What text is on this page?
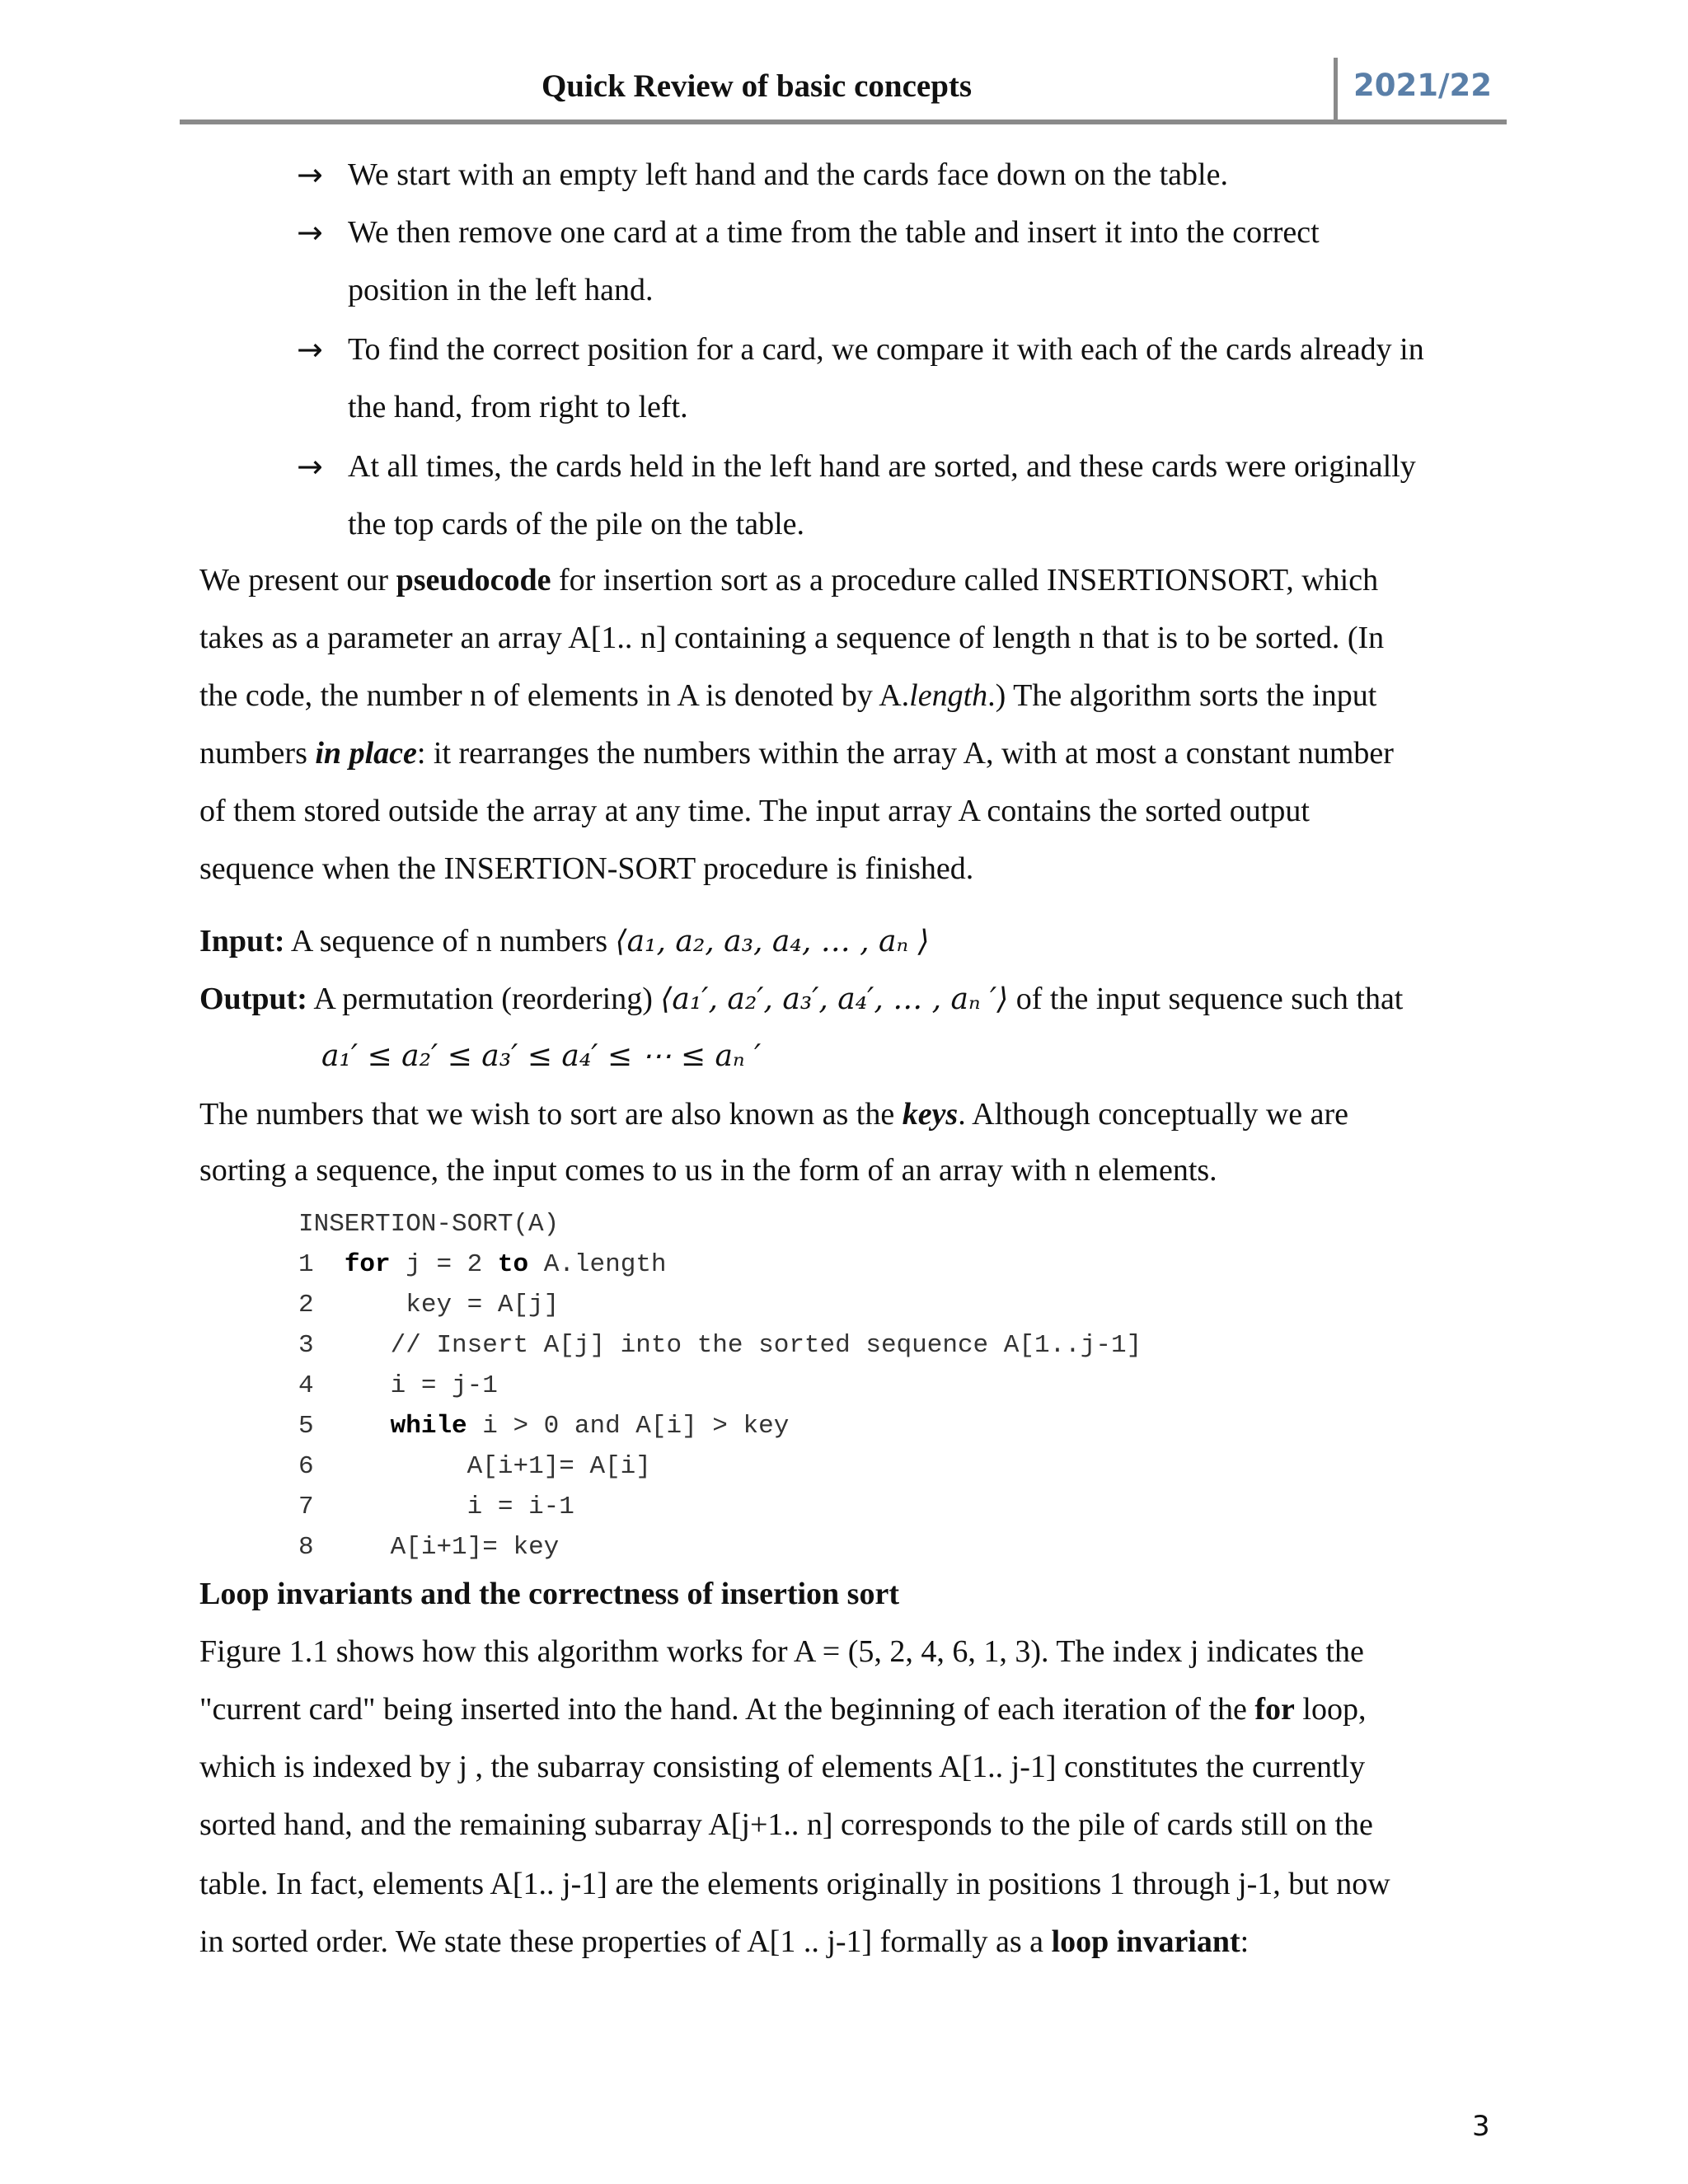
Quick Review of basic concepts	2021/22
→ We start with an empty left hand and the cards face down on the table.
→ We then remove one card at a time from the table and insert it into the correct
position in the left hand.
→ To find the correct position for a card, we compare it with each of the cards already in
the hand, from right to left.
→ At all times, the cards held in the left hand are sorted, and these cards were originally
the top cards of the pile on the table.
We present our pseudocode for insertion sort as a procedure called INSERTIONSORT, which
takes as a parameter an array A[1.. n] containing a sequence of length n that is to be sorted. (In
the code, the number n of elements in A is denoted by A.length.) The algorithm sorts the input
numbers in place: it rearranges the numbers within the array A, with at most a constant number
of them stored outside the array at any time. The input array A contains the sorted output
sequence when the INSERTION-SORT procedure is finished.
Input: A sequence of n numbers ⟨a₁, a₂, a₃, a₄, … , aₙ ⟩
Output: A permutation (reordering) ⟨a₁′, a₂′, a₃′, a₄′, … , aₙ ′⟩ of the input sequence such that
a₁′ ≤ a₂′ ≤ a₃′ ≤ a₄′ ≤ ⋯ ≤ aₙ ′
The numbers that we wish to sort are also known as the keys. Although conceptually we are
sorting a sequence, the input comes to us in the form of an array with n elements.
INSERTION-SORT(A)
1 for j = 2 to A.length
2	key = A[j]
3	// Insert A[j] into the sorted sequence A[1..j-1]
4	i = j-1
5	while i > 0 and A[i] > key
6	A[i+1]= A[i]
7	i = i-1
8	A[i+1]= key
Loop invariants and the correctness of insertion sort
Figure 1.1 shows how this algorithm works for A = (5, 2, 4, 6, 1, 3). The index j indicates the
"current card" being inserted into the hand. At the beginning of each iteration of the for loop,
which is indexed by j , the subarray consisting of elements A[1.. j-1] constitutes the currently
sorted hand, and the remaining subarray A[j+1.. n] corresponds to the pile of cards still on the
table. In fact, elements A[1.. j-1] are the elements originally in positions 1 through j-1, but now
in sorted order. We state these properties of A[1 .. j-1] formally as a loop invariant:
3
